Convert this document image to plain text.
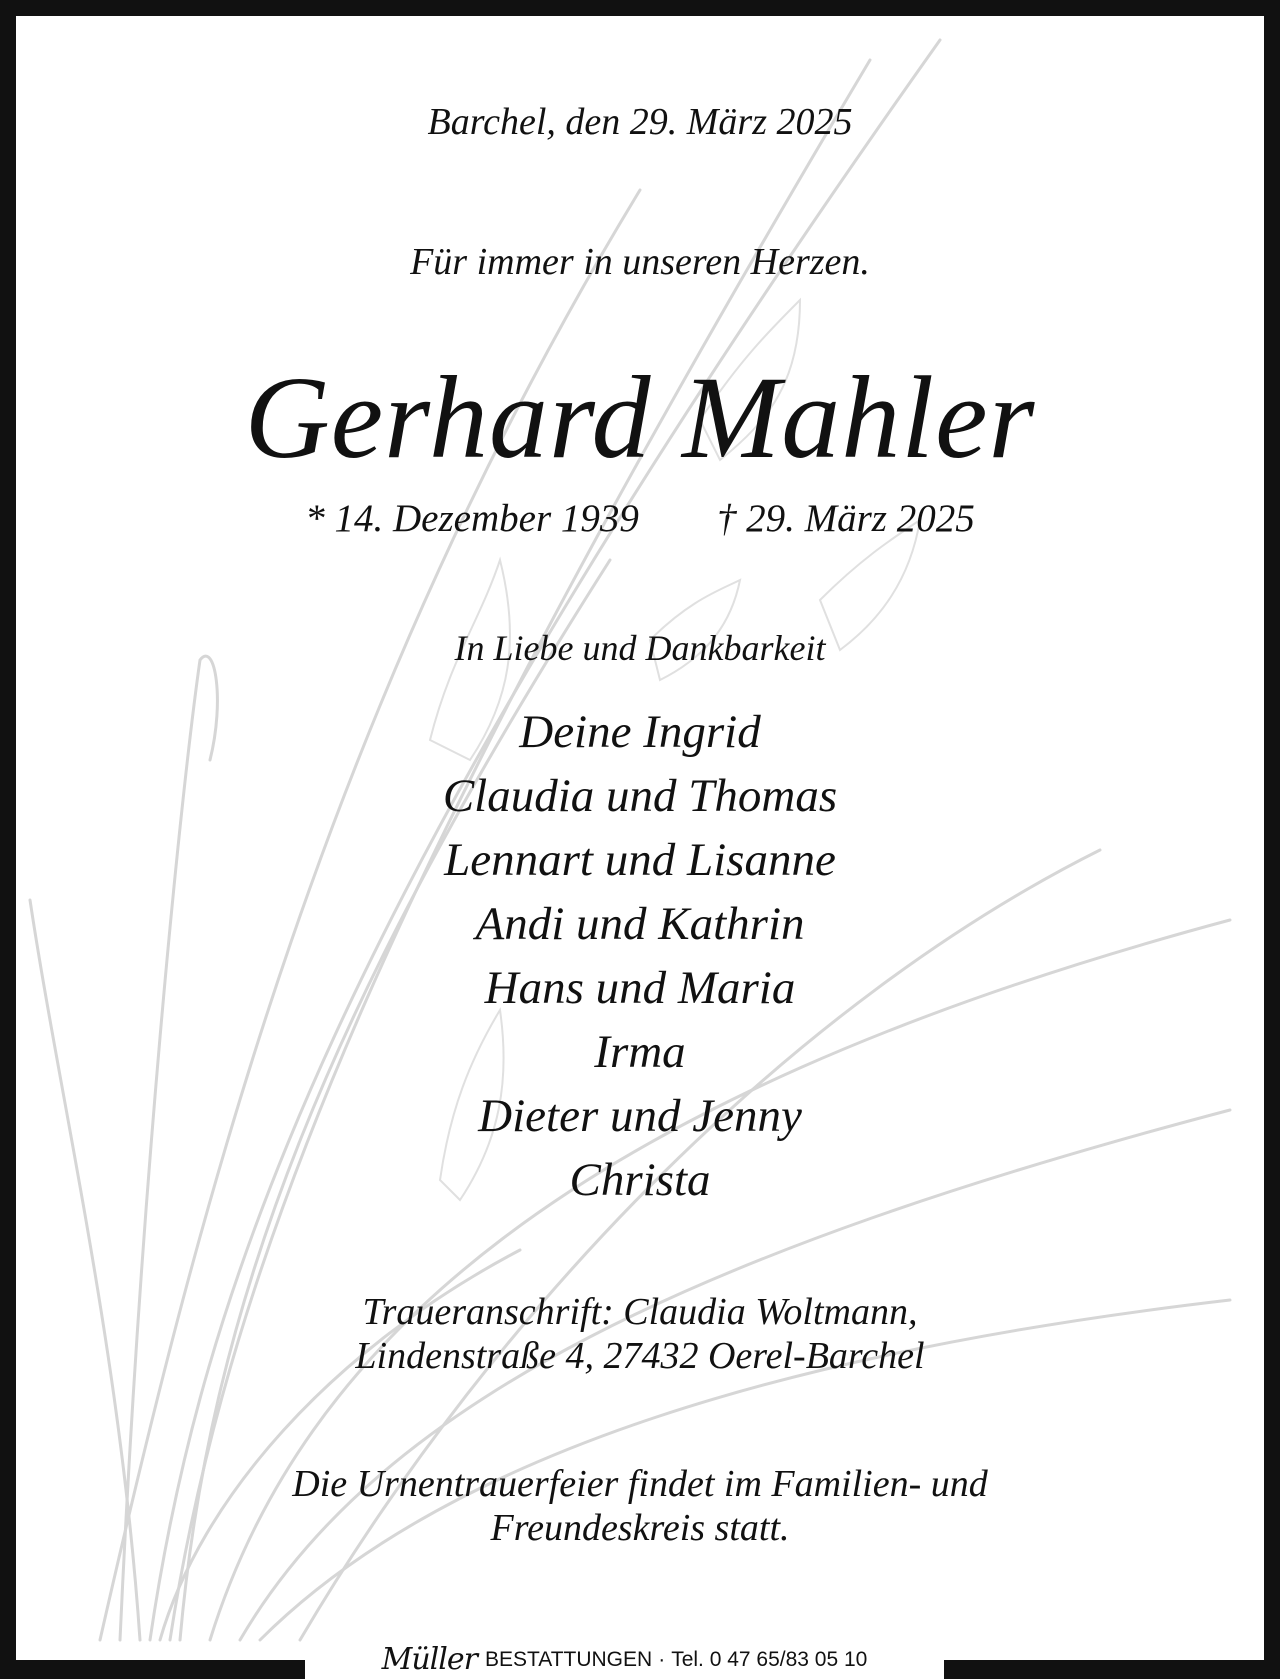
Barchel, den 29. März 2025
Für immer in unseren Herzen.
Gerhard Mahler
* 14. Dezember 1939 † 29. März 2025
In Liebe und Dankbarkeit
Deine Ingrid
Claudia und Thomas
Lennart und Lisanne
Andi und Kathrin
Hans und Maria
Irma
Dieter und Jenny
Christa
Traueranschrift: Claudia Woltmann,
Lindenstraße 4, 27432 Oerel-Barchel
Die Urnentrauerfeier findet im Familien- und
Freundeskreis statt.
Müller BESTATTUNGEN · Tel. 0 47 65/83 05 10
